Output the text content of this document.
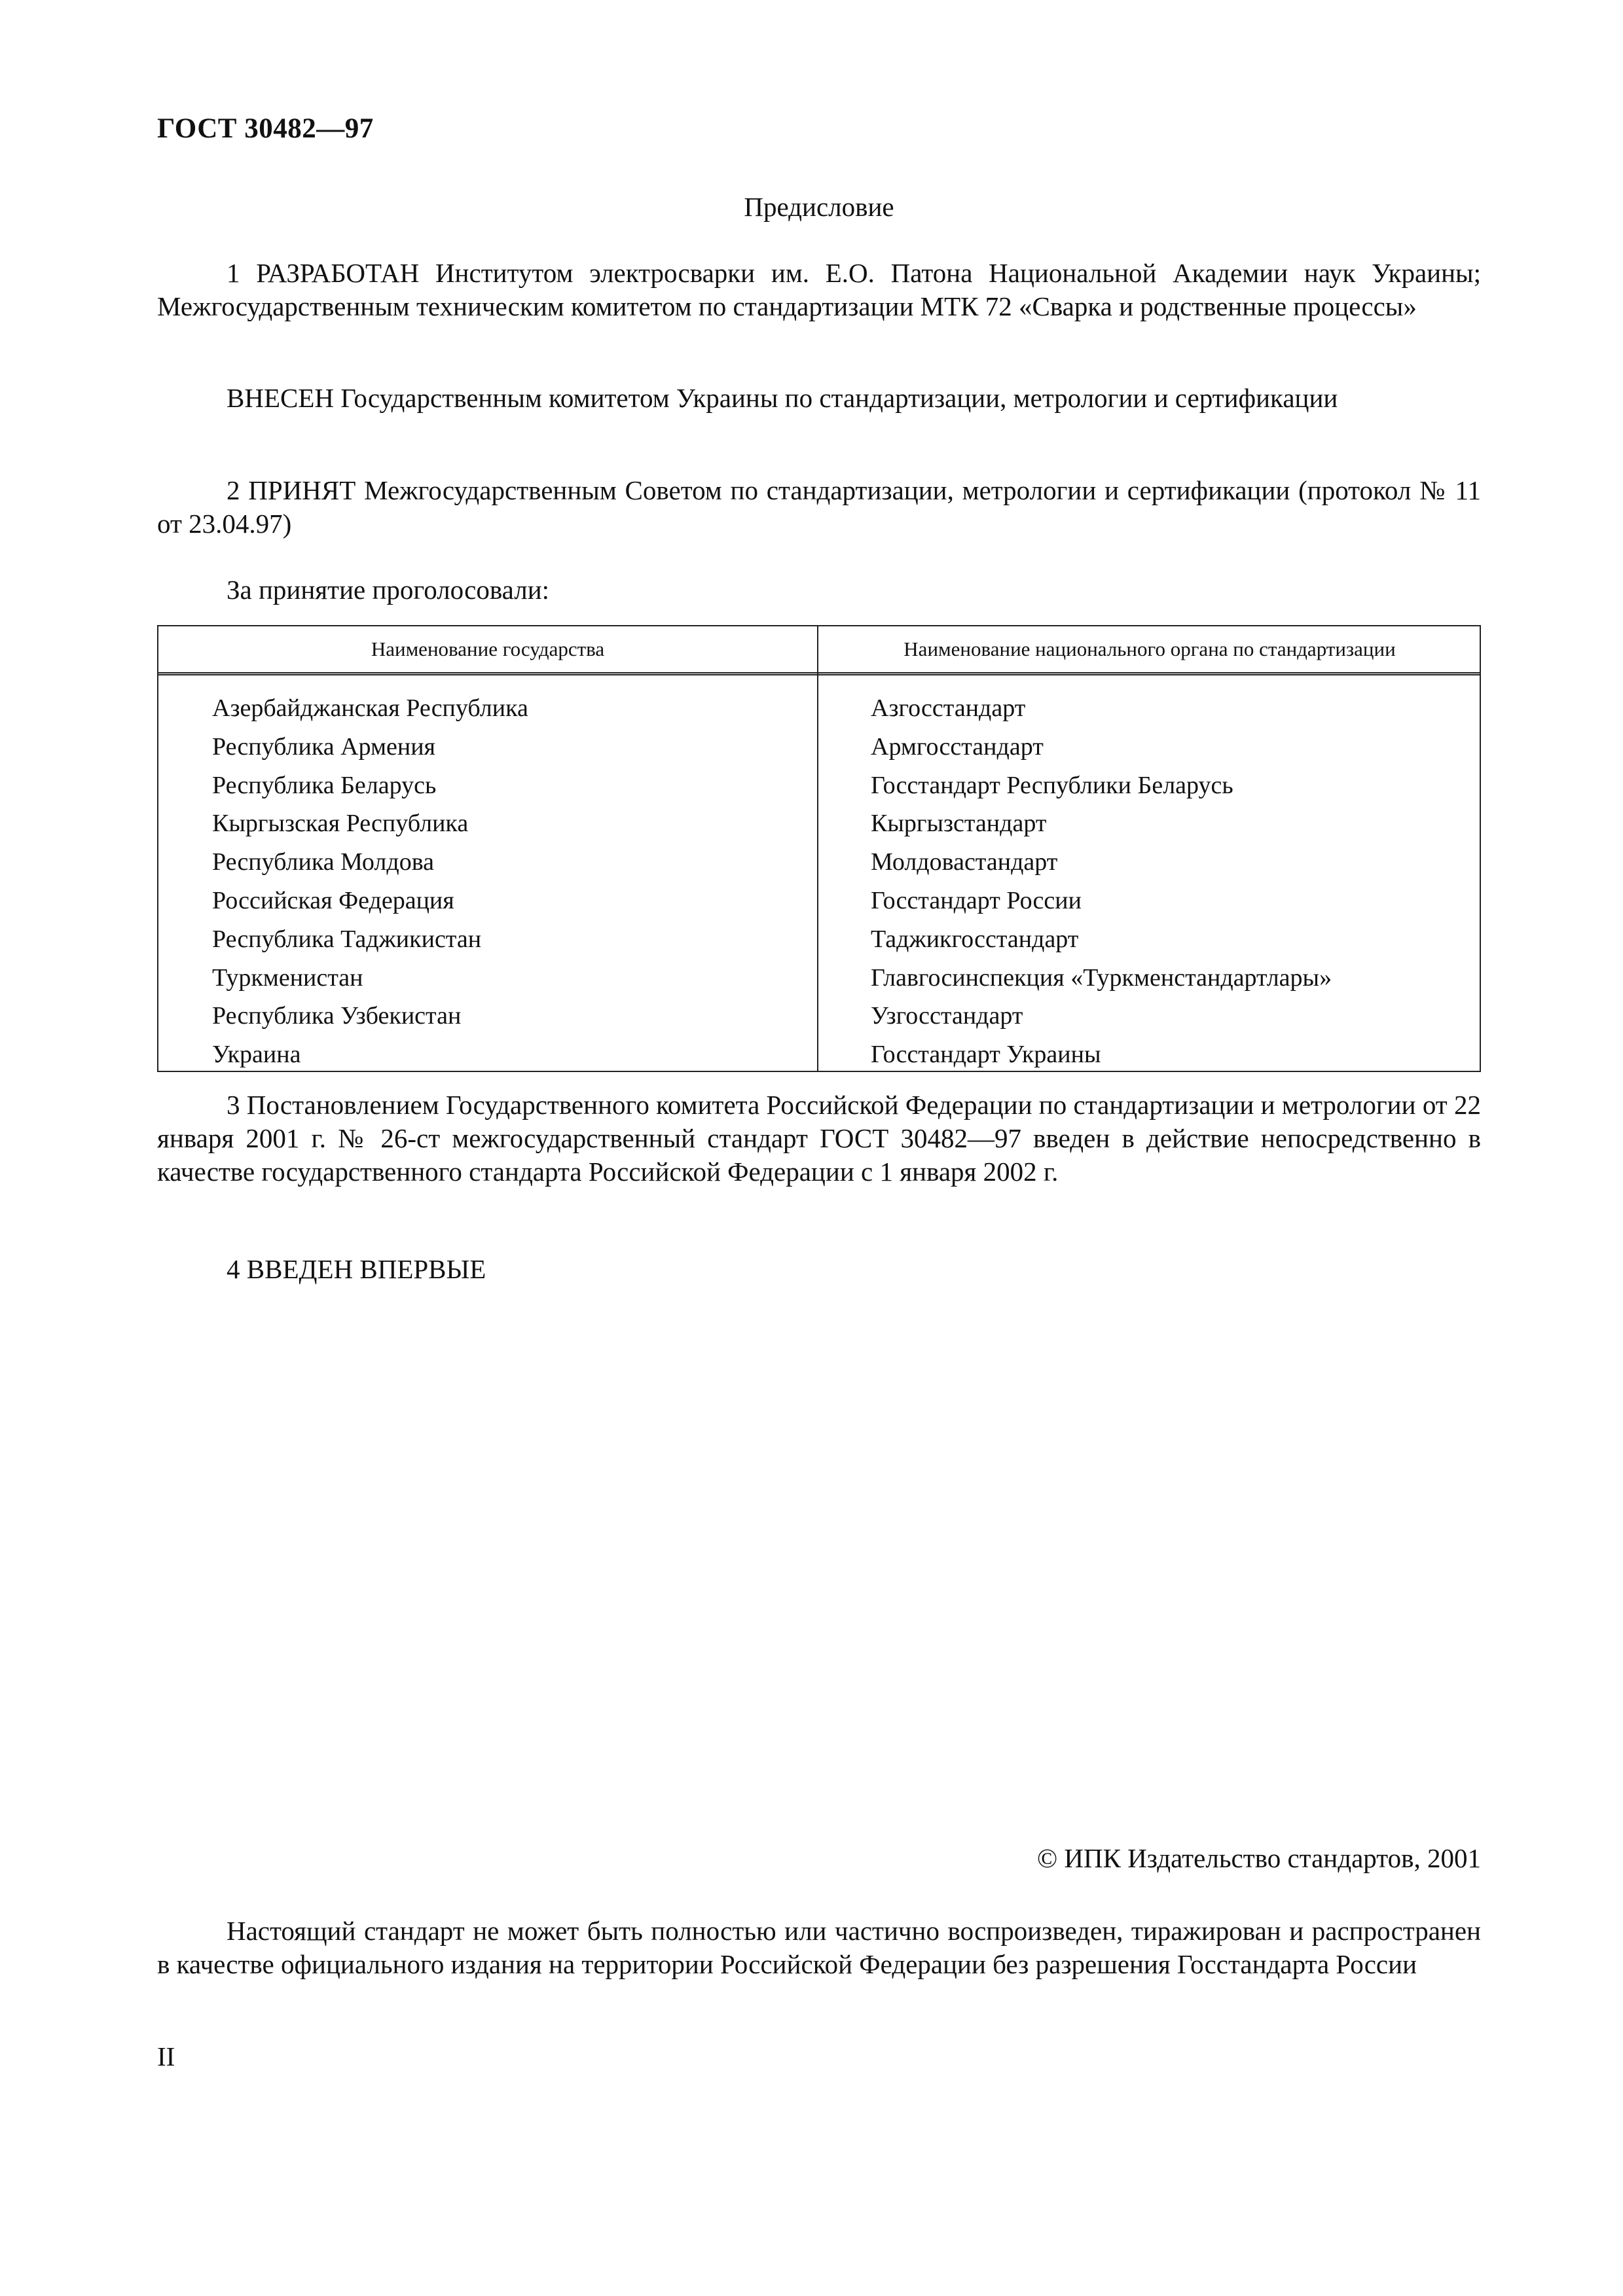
ГОСТ 30482—97
Предисловие

1 РАЗРАБОТАН Институтом электросварки им. Е.О. Патона Национальной Академии наук Украины; Межгосударственным техническим комитетом по стандартизации МТК 72 «Сварка и родственные процессы»

ВНЕСЕН Государственным комитетом Украины по стандартизации, метрологии и сертификации

2 ПРИНЯТ Межгосударственным Советом по стандартизации, метрологии и сертификации (протокол № 11 от 23.04.97)

За принятие проголосовали:

Наименование государства	Наименование национального органа по стандартизации
Азербайджанская Республика	Азгосстандарт
Республика Армения	Армгосстандарт
Республика Беларусь	Госстандарт Республики Беларусь
Кыргызская Республика	Кыргызстандарт
Республика Молдова	Молдовастандарт
Российская Федерация	Госстандарт России
Республика Таджикистан	Таджикгосстандарт
Туркменистан	Главгосинспекция «Туркменстандартлары»
Республика Узбекистан	Узгосстандарт
Украина	Госстандарт Украины

3 Постановлением Государственного комитета Российской Федерации по стандартизации и метрологии от 22 января 2001 г. № 26-ст межгосударственный стандарт ГОСТ 30482—97 введен в действие непосредственно в качестве государственного стандарта Российской Федерации с 1 января 2002 г.

4 ВВЕДЕН ВПЕРВЫЕ

© ИПК Издательство стандартов, 2001

Настоящий стандарт не может быть полностью или частично воспроизведен, тиражирован и распространен в качестве официального издания на территории Российской Федерации без разрешения Госстандарта России

II
